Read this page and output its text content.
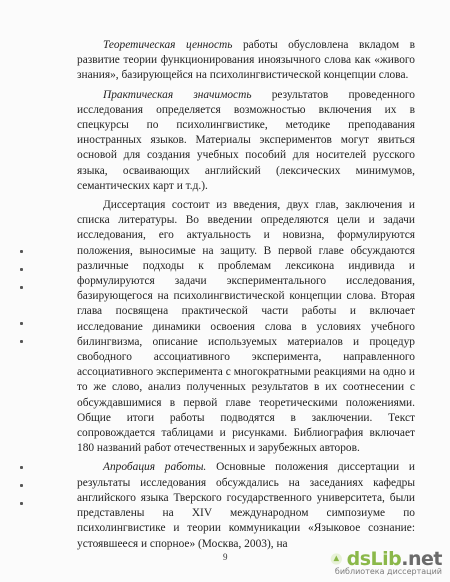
Теоретическая ценность работы обусловлена вкладом в развитие теории функционирования иноязычного слова как «живого знания», базирующейся на психолингвистической концепции слова.

Практическая значимость результатов проведенного исследования определяется возможностью включения их в спецкурсы по психолингвистике, методике преподавания иностранных языков. Материалы экспериментов могут явиться основой для создания учебных пособий для носителей русского языка, осваивающих английский (лексических минимумов, семантических карт и т.д.).

Диссертация состоит из введения, двух глав, заключения и списка литературы. Во введении определяются цели и задачи исследования, его актуальность и новизна, формулируются положения, выносимые на защиту. В первой главе обсуждаются различные подходы к проблемам лексикона индивида и формулируются задачи экспериментального исследования, базирующегося на психолингвистической концепции слова. Вторая глава посвящена практической части работы и включает исследование динамики освоения слова в условиях учебного билингвизма, описание используемых материалов и процедур свободного ассоциативного эксперимента, направленного ассоциативного эксперимента с многократными реакциями на одно и то же слово, анализ полученных результатов в их соотнесении с обсуждавшимися в первой главе теоретическими положениями. Общие итоги работы подводятся в заключении. Текст сопровождается таблицами и рисунками. Библиография включает 180 названий работ отечественных и зарубежных авторов.

Апробация работы. Основные положения диссертации и результаты исследования обсуждались на заседаниях кафедры английского языка Тверского государственного университета, были представлены на XIV международном симпозиуме по психолингвистике и теории коммуникации «Языковое сознание: устоявшееся и спорное» (Москва, 2003), на

9	dsLib.net
библиотека диссертаций
